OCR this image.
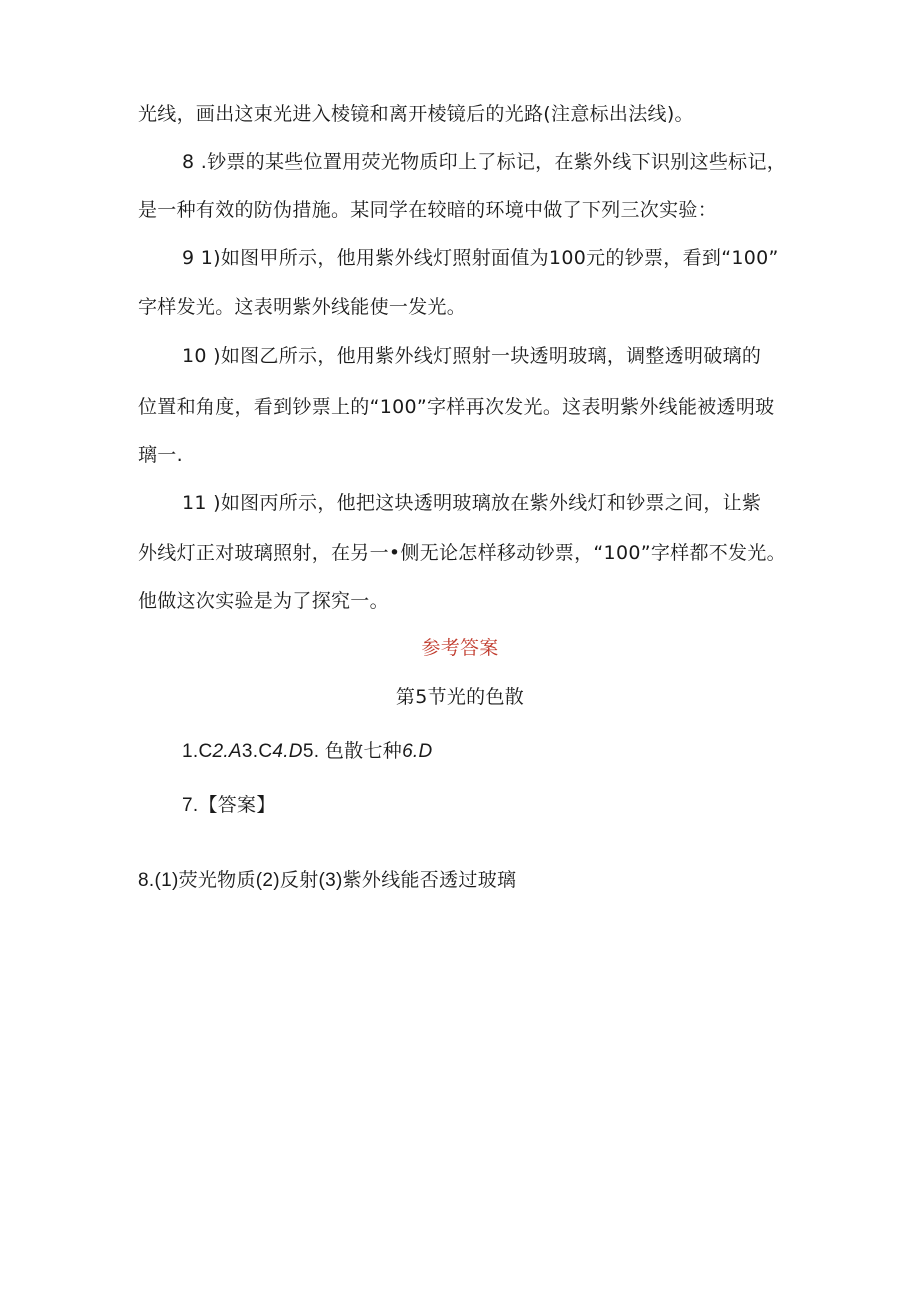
光线，画出这束光进入棱镜和离开棱镜后的光路(注意标出法线)。
8 .钞票的某些位置用荧光物质印上了标记，在紫外线下识别这些标记，
是一种有效的防伪措施。某同学在较暗的环境中做了下列三次实验：
9 1)如图甲所示，他用紫外线灯照射面值为100元的钞票，看到“100”
字样发光。这表明紫外线能使一发光。
10 )如图乙所示，他用紫外线灯照射一块透明玻璃，调整透明破璃的
位置和角度，看到钞票上的“100”字样再次发光。这表明紫外线能被透明玻
璃一.
11 )如图丙所示，他把这块透明玻璃放在紫外线灯和钞票之间，让紫
外线灯正对玻璃照射，在另一•侧无论怎样移动钞票，“100”字样都不发光。
他做这次实验是为了探究一。
参考答案
第5节光的色散
1.C2.A3.C4.D5. 色散七种6.D
7.【答案】
8.(1)荧光物质(2)反射(3)紫外线能否透过玻璃
